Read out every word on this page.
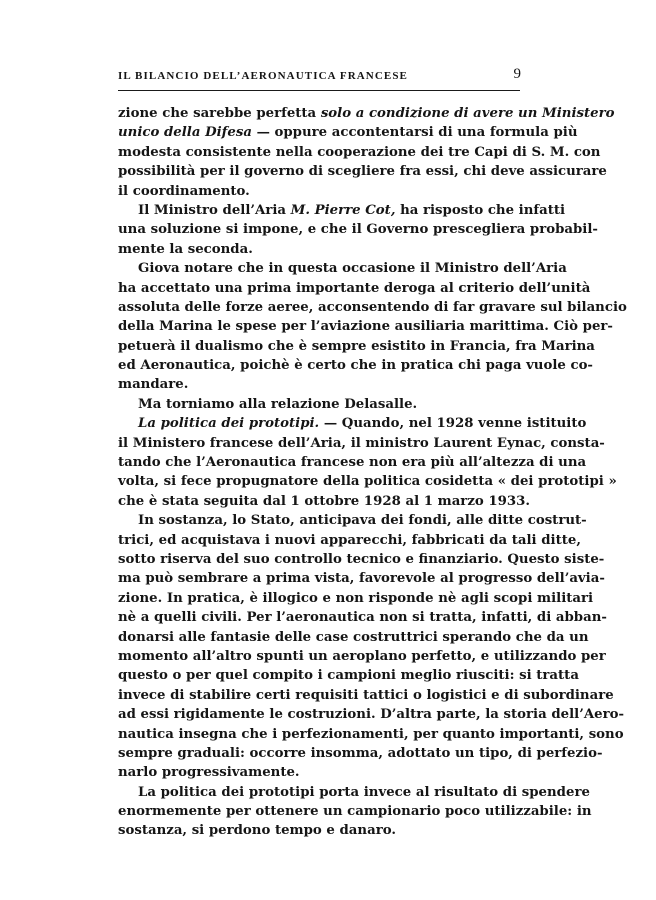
IL BILANCIO DELL’AERONAUTICA FRANCESE	9
zione che sarebbe perfetta solo a condizione di avere un Ministero
unico della Difesa — oppure accontentarsi di una formula più
modesta consistente nella cooperazione dei tre Capi di S. M. con
possibilità per il governo di scegliere fra essi, chi deve assicurare
il coordinamento.
Il Ministro dell’Aria M. Pierre Cot, ha risposto che infatti
una soluzione si impone, e che il Governo prescegliera probabil-
mente la seconda.
Giova notare che in questa occasione il Ministro dell’Aria
ha accettato una prima importante deroga al criterio dell’unità
assoluta delle forze aeree, acconsentendo di far gravare sul bilancio
della Marina le spese per l’aviazione ausiliaria marittima. Ciò per-
petuerà il dualismo che è sempre esistito in Francia, fra Marina
ed Aeronautica, poichè è certo che in pratica chi paga vuole co-
mandare.
Ma torniamo alla relazione Delasalle.
La politica dei prototipi. — Quando, nel 1928 venne istituito
il Ministero francese dell’Aria, il ministro Laurent Eynac, consta-
tando che l’Aeronautica francese non era più all’altezza di una
volta, si fece propugnatore della politica cosidetta « dei prototipi »
che è stata seguita dal 1 ottobre 1928 al 1 marzo 1933.
In sostanza, lo Stato, anticipava dei fondi, alle ditte costrut-
trici, ed acquistava i nuovi apparecchi, fabbricati da tali ditte,
sotto riserva del suo controllo tecnico e finanziario. Questo siste-
ma può sembrare a prima vista, favorevole al progresso dell’avia-
zione. In pratica, è illogico e non risponde nè agli scopi militari
nè a quelli civili. Per l’aeronautica non si tratta, infatti, di abban-
donarsi alle fantasie delle case costruttrici sperando che da un
momento all’altro spunti un aeroplano perfetto, e utilizzando per
questo o per quel compito i campioni meglio riusciti: si tratta
invece di stabilire certi requisiti tattici o logistici e di subordinare
ad essi rigidamente le costruzioni. D’altra parte, la storia dell’Aero-
nautica insegna che i perfezionamenti, per quanto importanti, sono
sempre graduali: occorre insomma, adottato un tipo, di perfezio-
narlo progressivamente.
La politica dei prototipi porta invece al risultato di spendere
enormemente per ottenere un campionario poco utilizzabile: in
sostanza, si perdono tempo e danaro.
